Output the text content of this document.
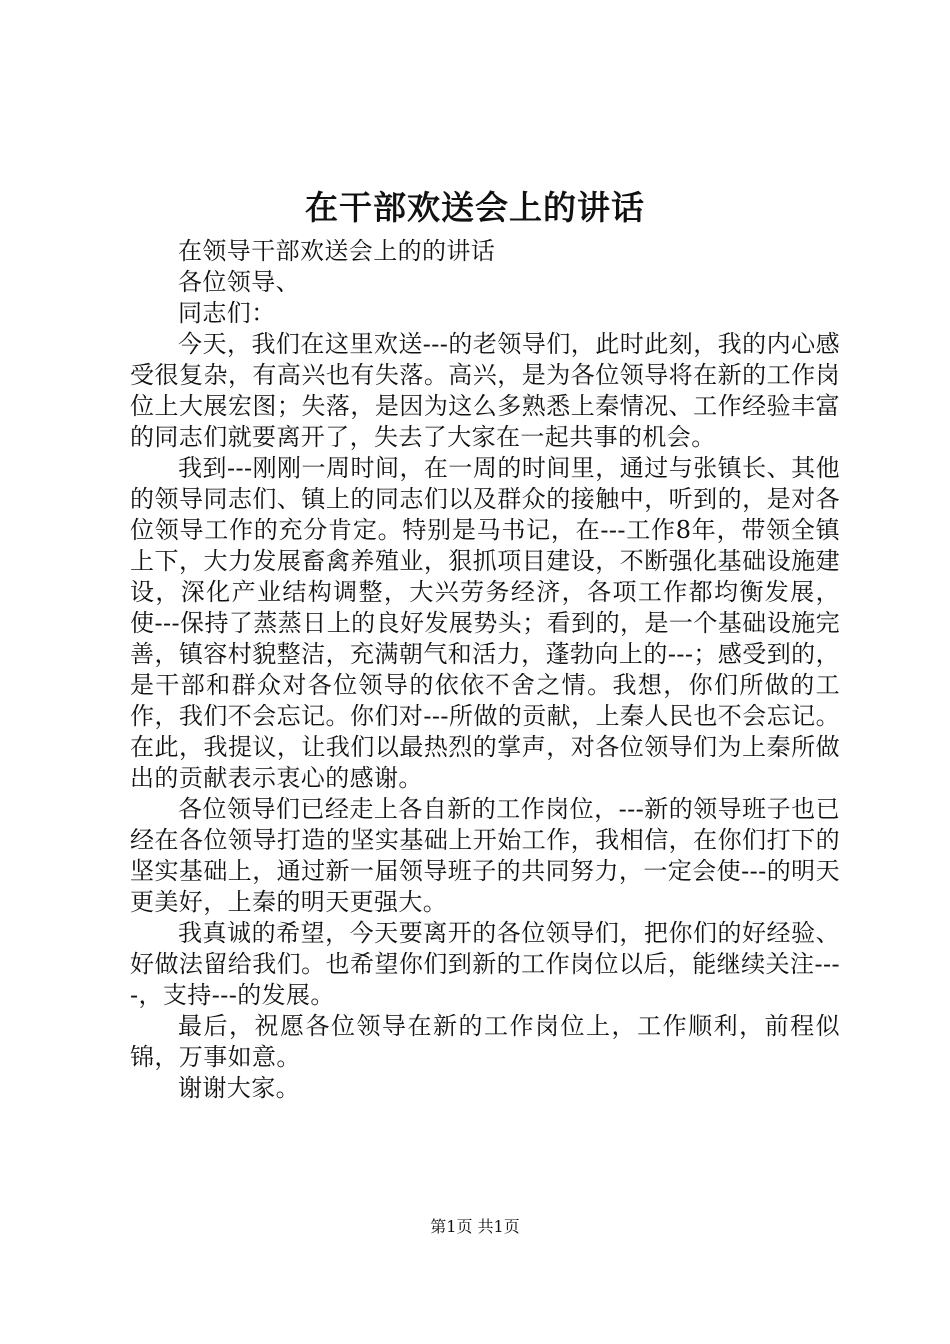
在干部欢送会上的讲话

在领导干部欢送会上的的讲话

各位领导、

同志们：

今天，我们在这里欢送---的老领导们，此时此刻，我的内心感受很复杂，有高兴也有失落。高兴，是为各位领导将在新的工作岗位上大展宏图；失落，是因为这么多熟悉上秦情况、工作经验丰富的同志们就要离开了，失去了大家在一起共事的机会。

我到---刚刚一周时间，在一周的时间里，通过与张镇长、其他的领导同志们、镇上的同志们以及群众的接触中，听到的，是对各位领导工作的充分肯定。特别是马书记，在---工作8年，带领全镇上下，大力发展畜禽养殖业，狠抓项目建设，不断强化基础设施建设，深化产业结构调整，大兴劳务经济，各项工作都均衡发展，使---保持了蒸蒸日上的良好发展势头；看到的，是一个基础设施完善，镇容村貌整洁，充满朝气和活力，蓬勃向上的---；感受到的，是干部和群众对各位领导的依依不舍之情。我想，你们所做的工作，我们不会忘记。你们对---所做的贡献，上秦人民也不会忘记。在此，我提议，让我们以最热烈的掌声，对各位领导们为上秦所做出的贡献表示衷心的感谢。

各位领导们已经走上各自新的工作岗位，---新的领导班子也已经在各位领导打造的坚实基础上开始工作，我相信，在你们打下的坚实基础上，通过新一届领导班子的共同努力，一定会使---的明天更美好，上秦的明天更强大。

我真诚的希望，今天要离开的各位领导们，把你们的好经验、好做法留给我们。也希望你们到新的工作岗位以后，能继续关注----，支持---的发展。

最后，祝愿各位领导在新的工作岗位上，工作顺利，前程似锦，万事如意。

谢谢大家。

第1页 共1页
